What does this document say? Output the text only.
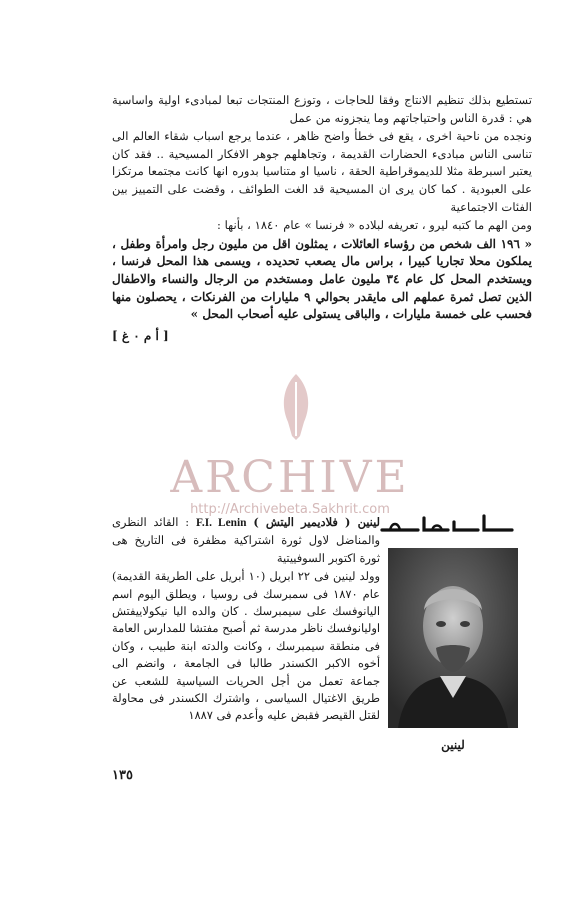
تستطيع بذلك تنظيم الانتاج وفقا للحاجات ، وتوزع المنتجات تبعا لمبادىء اولية واساسية هي : قدرة الناس واحتياجاتهم وما ينجزونه من عمل

ونجده من ناحية اخرى ، يقع فى خطأ واضح ظاهر ، عندما يرجع اسباب شقاء العالم الى تناسى الناس مبادىء الحضارات القديمة ، وتجاهلهم جوهر الافكار المسيحية .. فقد كان يعتبر اسبرطة مثلا للديموقراطية الحقة ، ناسيا او متناسيا بدوره انها كانت مجتمعا مرتكزا على العبودية . كما كان يرى ان المسيحية قد الغت الطوائف ، وقضت على التمييز بين الفئات الاجتماعية

ومن الهم ما كتبه ليرو ، تعريفه لبلاده « فرنسا » عام ١٨٤٠ ، بأنها :

« ١٩٦ الف شخص من رؤساء العائلات ، يمثلون اقل من مليون رجل وامرأة وطفل ، يملكون محلا تجاريا كبيرا ، براس مال يصعب تحديده ، ويسمى هذا المحل فرنسا ، ويستخدم المحل كل عام ٣٤ مليون عامل ومستخدم من الرجال والنساء والاطفال الذين تصل ثمرة عملهم الى مايقدر بحوالي ٩ مليارات من الفرنكات ، يحصلون منها فحسب على خمسة مليارات ، والباقى يستولى عليه أصحاب المحل »

[ أ م ٠ غ ]

ARCHIVE
http://Archivebeta.Sakhrit.com

لينين ( فلاديمير اليتش ) F.I. Lenin : القائد النظرى والمناضل لاول ثورة اشتراكية مظفرة فى التاريخ هى ثورة اكتوبر السوفييتية

وولد لينين فى ٢٢ ابريل (١٠ أبريل على الطريقة القديمة) عام ١٨٧٠ فى سمبرسك فى روسيا ، ويطلق اليوم اسم اليانوفسك على سيمبرسك . كان والده اليا نيكولاييفتش اوليانوفسك ناظر مدرسة ثم أصبح مفتشا للمدارس العامة فى منطقة سيمبرسك ، وكانت والدته ابنة طبيب ، وكان أخوه الاكبر الكسندر طالبا فى الجامعة ، وانضم الى جماعة تعمل من أجل الحريات السياسية للشعب عن طريق الاغتيال السياسى ، واشترك الكسندر فى محاولة لقتل القيصر فقبض عليه وأعدم فى ١٨٨٧

لينين
١٣٥
